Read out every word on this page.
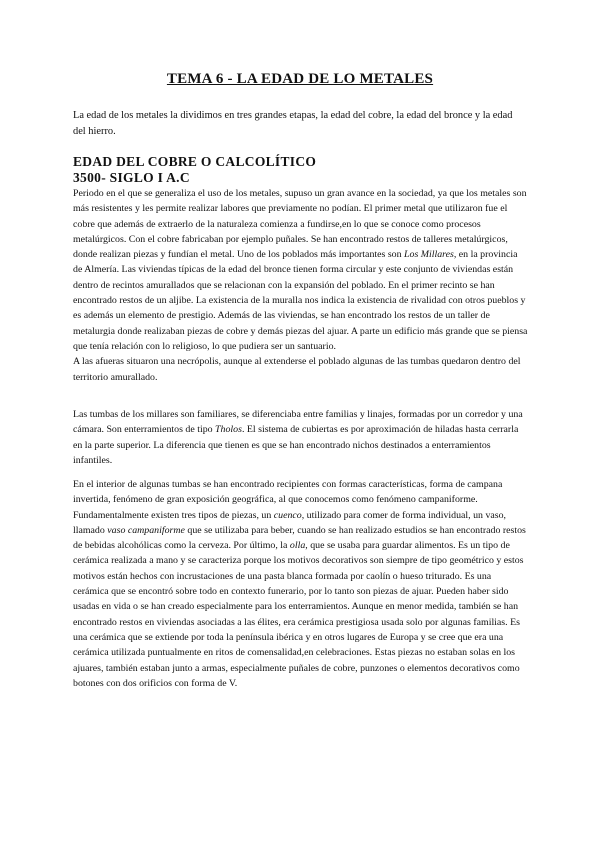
TEMA 6 - LA EDAD DE LO METALES

La edad de los metales la dividimos en tres grandes etapas, la edad del cobre, la edad del bronce y la edad del hierro.

EDAD DEL COBRE O CALCOLÍTICO
3500- SIGLO I A.C

Periodo en el que se generaliza el uso de los metales, supuso un gran avance en la sociedad, ya que los metales son más resistentes y les permite realizar labores que previamente no podían. El primer metal que utilizaron fue el cobre que además de extraerlo de la naturaleza comienza a fundirse,en lo que se conoce como procesos metalúrgicos. Con el cobre fabricaban por ejemplo puñales. Se han encontrado restos de talleres metalúrgicos, donde realizan piezas y fundían el metal. Uno de los poblados más importantes son Los Millares, en la provincia de Almería. Las viviendas típicas de la edad del bronce tienen forma circular y este conjunto de viviendas están dentro de recintos amurallados que se relacionan con la expansión del poblado. En el primer recinto se han encontrado restos de un aljibe. La existencia de la muralla nos indica la existencia de rivalidad con otros pueblos y es además un elemento de prestigio. Además de las viviendas, se han encontrado los restos de un taller de metalurgia donde realizaban piezas de cobre y demás piezas del ajuar. A parte un edificio más grande que se piensa que tenía relación con lo religioso, lo que pudiera ser un santuario.
A las afueras situaron una necrópolis, aunque al extenderse el poblado algunas de las tumbas quedaron dentro del territorio amurallado.

Las tumbas de los millares son familiares, se diferenciaba entre familias y linajes, formadas por un corredor y una cámara. Son enterramientos de tipo Tholos. El sistema de cubiertas es por aproximación de hiladas hasta cerrarla en la parte superior. La diferencia que tienen es que se han encontrado nichos destinados a enterramientos infantiles.

En el interior de algunas tumbas se han encontrado recipientes con formas características, forma de campana invertida, fenómeno de gran exposición geográfica, al que conocemos como fenómeno campaniforme. Fundamentalmente existen tres tipos de piezas, un cuenco, utilizado para comer de forma individual, un vaso, llamado vaso campaniforme que se utilizaba para beber, cuando se han realizado estudios se han encontrado restos de bebidas alcohólicas como la cerveza. Por último, la olla, que se usaba para guardar alimentos. Es un tipo de cerámica realizada a mano y se caracteriza porque los motivos decorativos son siempre de tipo geométrico y estos motivos están hechos con incrustaciones de una pasta blanca formada por caolín o hueso triturado. Es una cerámica que se encontró sobre todo en contexto funerario, por lo tanto son piezas de ajuar. Pueden haber sido usadas en vida o se han creado especialmente para los enterramientos. Aunque en menor medida, también se han encontrado restos en viviendas asociadas a las élites, era cerámica prestigiosa usada solo por algunas familias. Es una cerámica que se extiende por toda la península ibérica y en otros lugares de Europa y se cree que era una cerámica utilizada puntualmente en ritos de comensalidad,en celebraciones. Estas piezas no estaban solas en los ajuares, también estaban junto a armas, especialmente puñales de cobre, punzones o elementos decorativos como botones con dos orificios con forma de V.
